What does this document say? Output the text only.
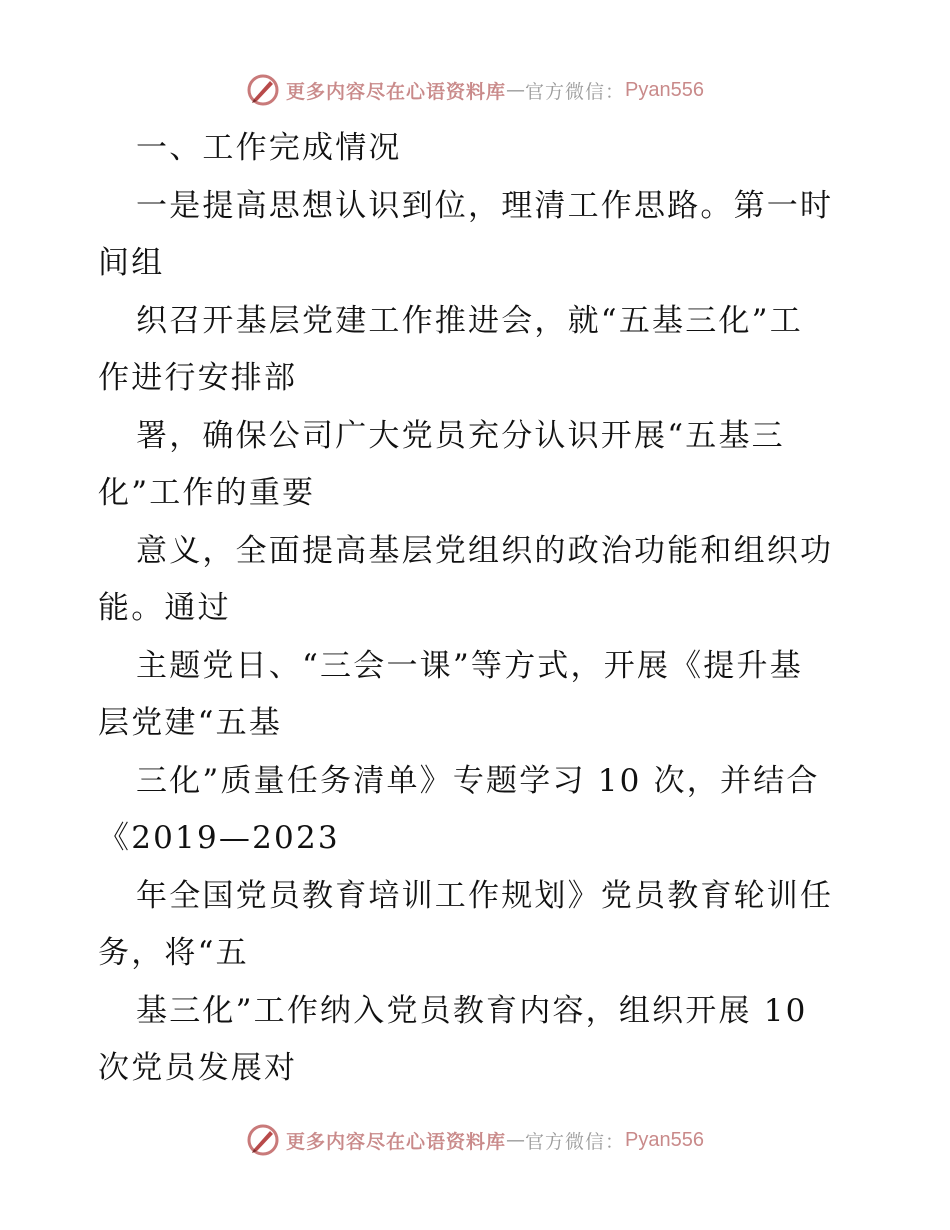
更多内容尽在心语资料库 — 官方微信： Pyan556
一、工作完成情况
一是提高思想认识到位，理清工作思路。第一时
间组
织召开基层党建工作推进会，就“五基三化”工
作进行安排部
署，确保公司广大党员充分认识开展“五基三
化”工作的重要
意义，全面提高基层党组织的政治功能和组织功
能。通过
主题党日、“三会一课”等方式，开展《提升基
层党建“五基
三化”质量任务清单》专题学习 10 次，并结合
《2019—2023
年全国党员教育培训工作规划》党员教育轮训任
务，将“五
基三化”工作纳入党员教育内容，组织开展 10
次党员发展对
更多内容尽在心语资料库 — 官方微信： Pyan556
